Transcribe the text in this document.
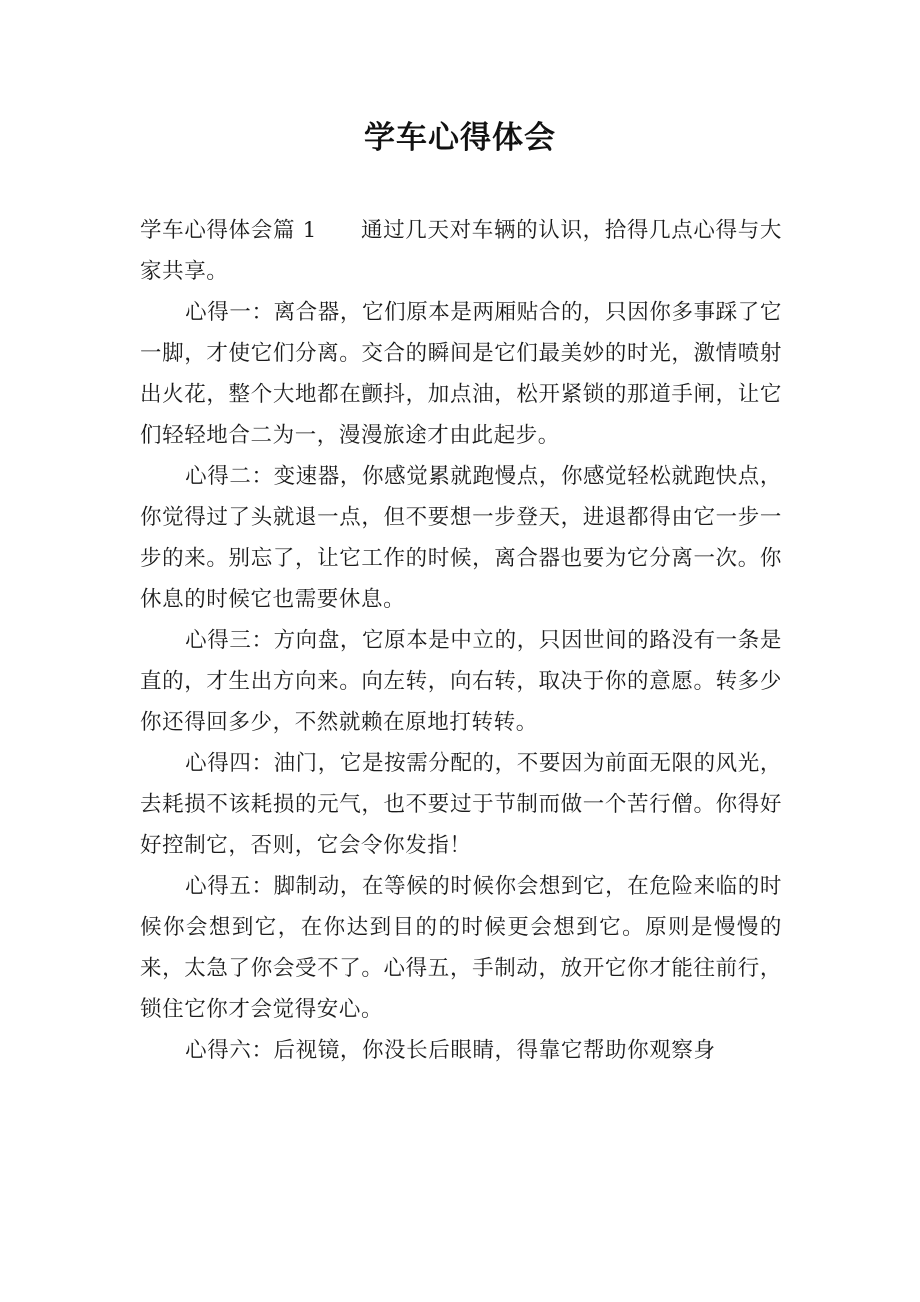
学车心得体会

学车心得体会篇 1 通过几天对车辆的认识，拾得几点心得与大家共享。

心得一：离合器，它们原本是两厢贴合的，只因你多事踩了它一脚，才使它们分离。交合的瞬间是它们最美妙的时光，激情喷射出火花，整个大地都在颤抖，加点油，松开紧锁的那道手闸，让它们轻轻地合二为一，漫漫旅途才由此起步。

心得二：变速器，你感觉累就跑慢点，你感觉轻松就跑快点，你觉得过了头就退一点，但不要想一步登天，进退都得由它一步一步的来。别忘了，让它工作的时候，离合器也要为它分离一次。你休息的时候它也需要休息。

心得三：方向盘，它原本是中立的，只因世间的路没有一条是直的，才生出方向来。向左转，向右转，取决于你的意愿。转多少你还得回多少，不然就赖在原地打转转。

心得四：油门，它是按需分配的，不要因为前面无限的风光，去耗损不该耗损的元气，也不要过于节制而做一个苦行僧。你得好好控制它，否则，它会令你发指！

心得五：脚制动，在等候的时候你会想到它，在危险来临的时候你会想到它，在你达到目的的时候更会想到它。原则是慢慢的来，太急了你会受不了。心得五，手制动，放开它你才能往前行，锁住它你才会觉得安心。

心得六：后视镜，你没长后眼睛，得靠它帮助你观察身
